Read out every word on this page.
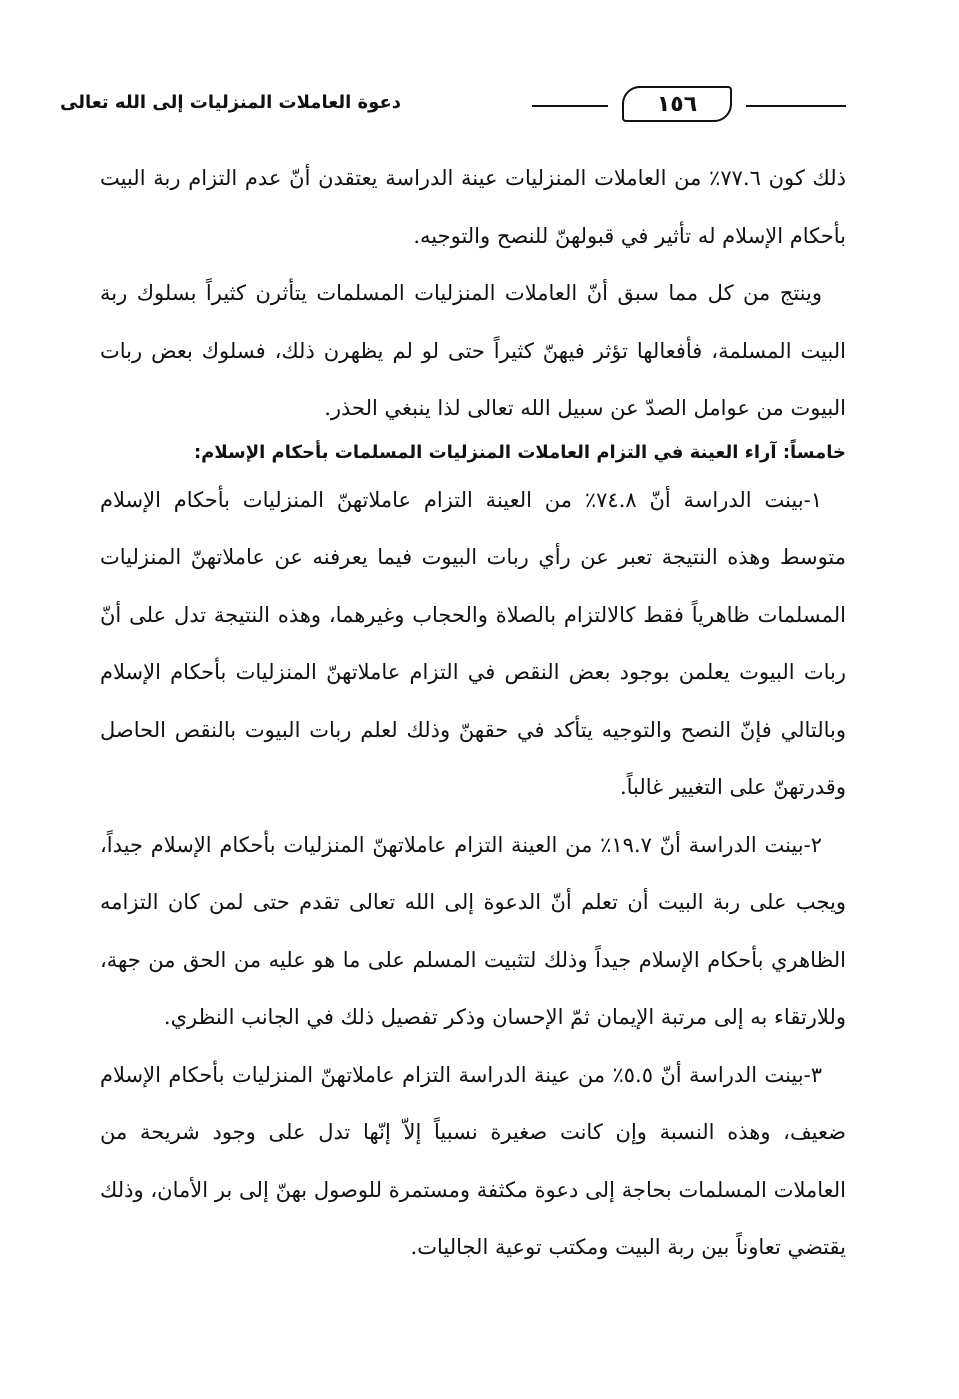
١٥٦
دعوة العاملات المنزليات إلى الله تعالى

ذلك كون ٧٧.٦٪ من العاملات المنزليات عينة الدراسة يعتقدن أنّ عدم التزام ربة البيت بأحكام الإسلام له تأثير في قبولهنّ للنصح والتوجيه.

وينتج من كل مما سبق أنّ العاملات المنزليات المسلمات يتأثرن كثيراً بسلوك ربة البيت المسلمة، فأفعالها تؤثر فيهنّ كثيراً حتى لو لم يظهرن ذلك، فسلوك بعض ربات البيوت من عوامل الصدّ عن سبيل الله تعالى لذا ينبغي الحذر.

خامساً: آراء العينة في التزام العاملات المنزليات المسلمات بأحكام الإسلام:

١-بينت الدراسة أنّ ٧٤.٨٪ من العينة التزام عاملاتهنّ المنزليات بأحكام الإسلام متوسط وهذه النتيجة تعبر عن رأي ربات البيوت فيما يعرفنه عن عاملاتهنّ المنزليات المسلمات ظاهرياً فقط كالالتزام بالصلاة والحجاب وغيرهما، وهذه النتيجة تدل على أنّ ربات البيوت يعلمن بوجود بعض النقص في التزام عاملاتهنّ المنزليات بأحكام الإسلام وبالتالي فإنّ النصح والتوجيه يتأكد في حقهنّ وذلك لعلم ربات البيوت بالنقص الحاصل وقدرتهنّ على التغيير غالباً.

٢-بينت الدراسة أنّ ١٩.٧٪ من العينة التزام عاملاتهنّ المنزليات بأحكام الإسلام جيداً، ويجب على ربة البيت أن تعلم أنّ الدعوة إلى الله تعالى تقدم حتى لمن كان التزامه الظاهري بأحكام الإسلام جيداً وذلك لتثبيت المسلم على ما هو عليه من الحق من جهة، وللارتقاء به إلى مرتبة الإيمان ثمّ الإحسان وذكر تفصيل ذلك في الجانب النظري.

٣-بينت الدراسة أنّ ٥.٥٪ من عينة الدراسة التزام عاملاتهنّ المنزليات بأحكام الإسلام ضعيف، وهذه النسبة وإن كانت صغيرة نسبياً إلاّ إنّها تدل على وجود شريحة من العاملات المسلمات بحاجة إلى دعوة مكثفة ومستمرة للوصول بهنّ إلى بر الأمان، وذلك يقتضي تعاوناً بين ربة البيت ومكتب توعية الجاليات.
